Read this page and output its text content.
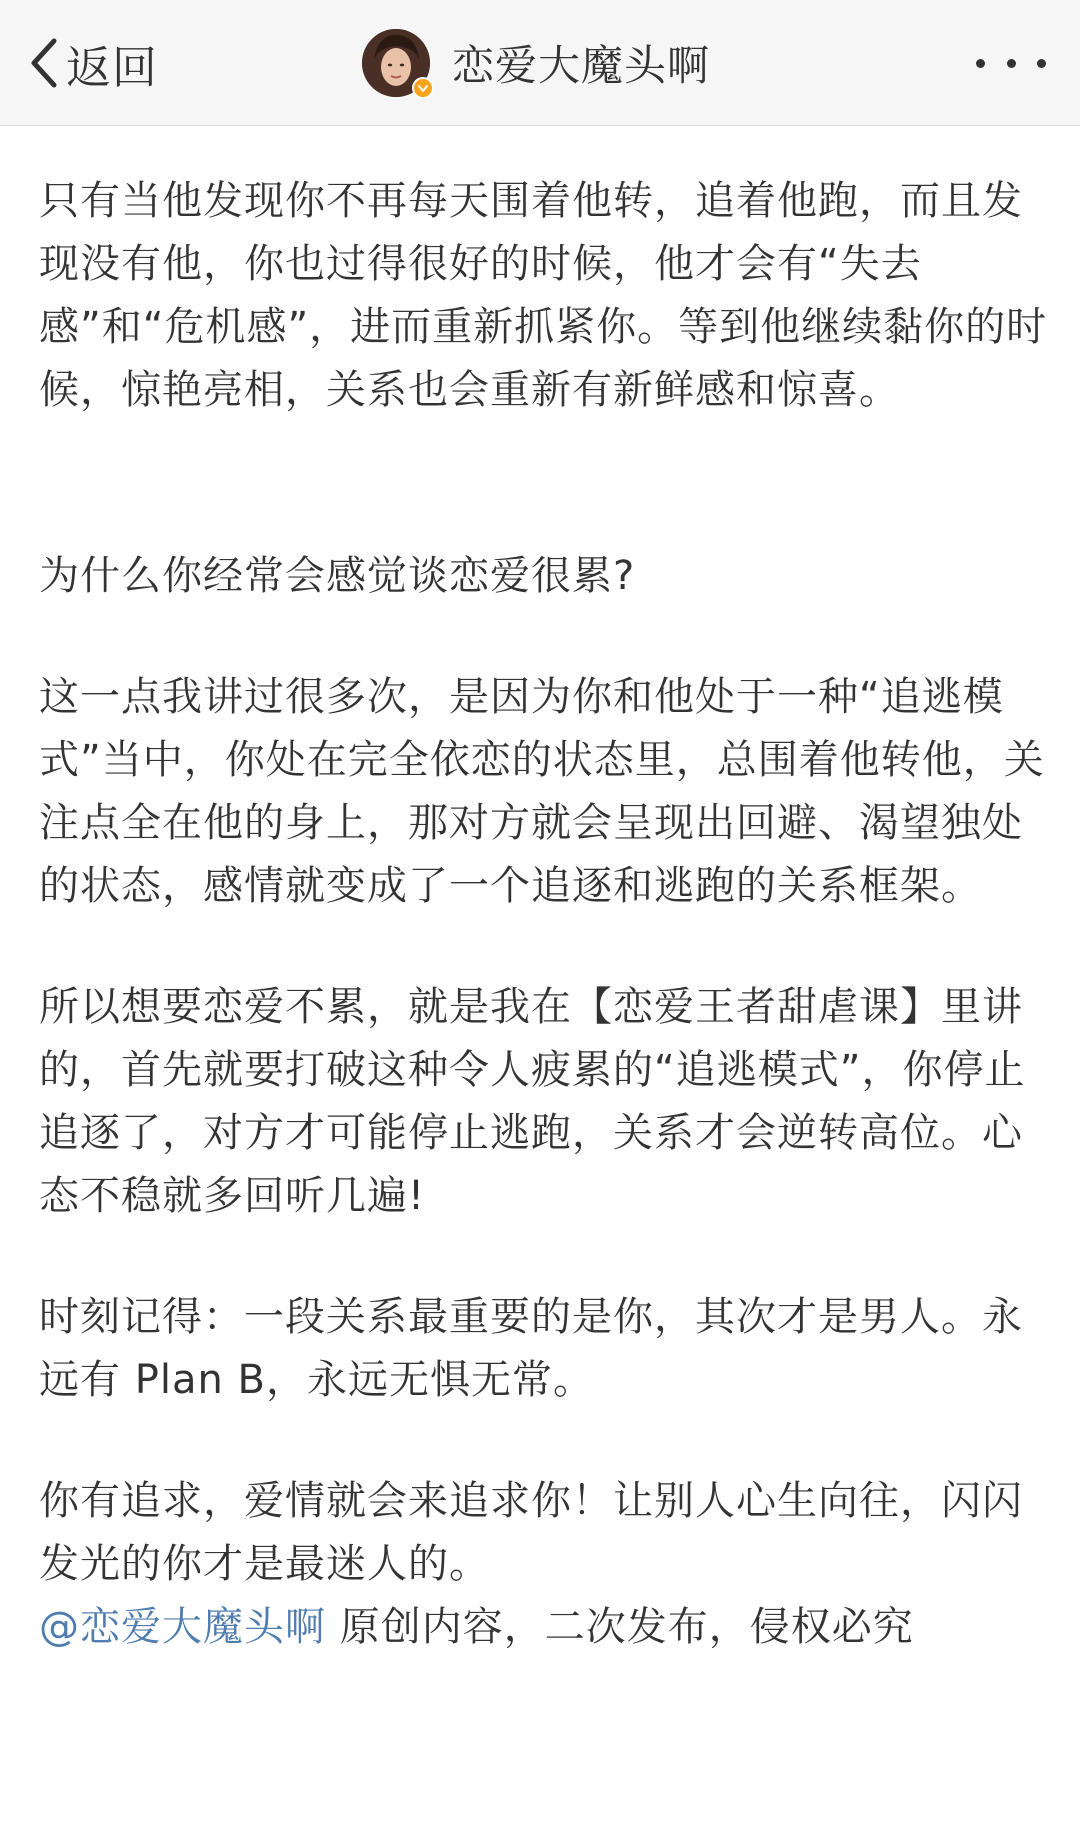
返回	恋爱大魔头啊

只有当他发现你不再每天围着他转，追着他跑，而且发现没有他，你也过得很好的时候，他才会有“失去感”和“危机感”，进而重新抓紧你。等到他继续黏你的时候，惊艳亮相，关系也会重新有新鲜感和惊喜。

为什么你经常会感觉谈恋爱很累?

这一点我讲过很多次，是因为你和他处于一种“追逃模式”当中，你处在完全依恋的状态里，总围着他转他，关注点全在他的身上，那对方就会呈现出回避、渴望独处的状态，感情就变成了一个追逐和逃跑的关系框架。

所以想要恋爱不累，就是我在【恋爱王者甜虐课】里讲的，首先就要打破这种令人疲累的“追逃模式”，你停止追逐了，对方才可能停止逃跑，关系才会逆转高位。心态不稳就多回听几遍!

时刻记得：一段关系最重要的是你，其次才是男人。永远有 Plan B，永远无惧无常。

你有追求，爱情就会来追求你！让别人心生向往，闪闪发光的你才是最迷人的。

@恋爱大魔头啊 原创内容，二次发布，侵权必究
